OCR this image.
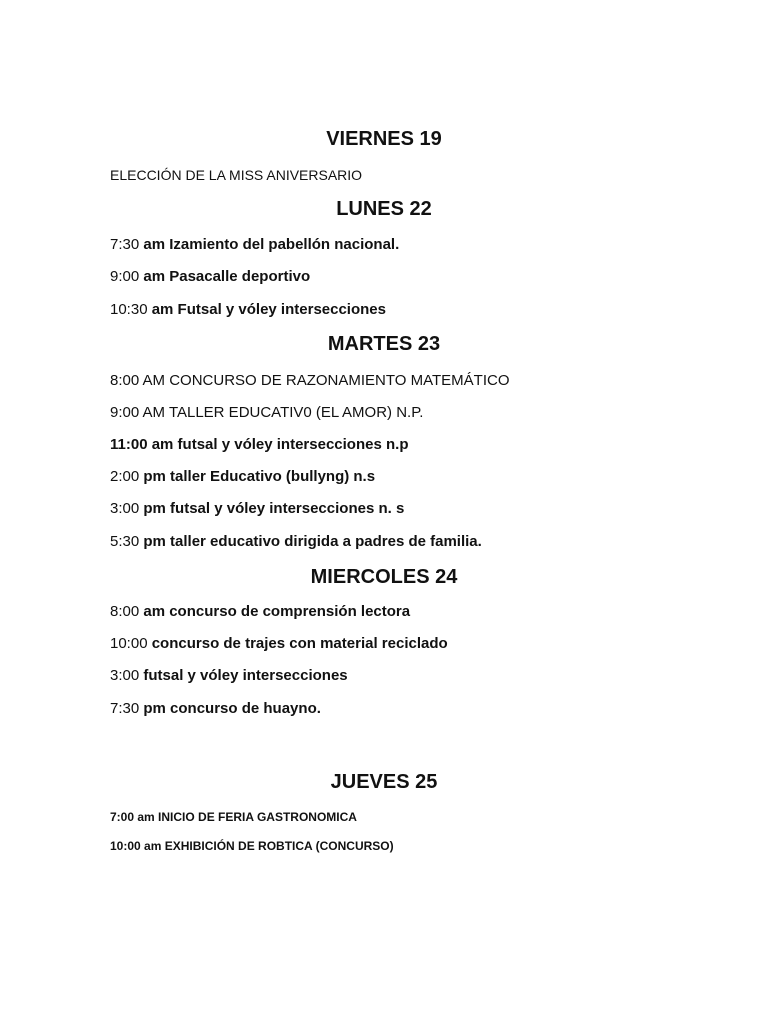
VIERNES 19

ELECCIÓN DE LA MISS ANIVERSARIO

LUNES 22

7:30 am Izamiento del pabellón nacional.

9:00 am Pasacalle deportivo

10:30 am Futsal y vóley intersecciones

MARTES 23

8:00 AM CONCURSO DE RAZONAMIENTO MATEMÁTICO

9:00 AM TALLER EDUCATIV0 (EL AMOR) N.P.

11:00 am futsal y vóley intersecciones n.p

2:00 pm taller Educativo (bullyng) n.s

3:00 pm futsal y vóley intersecciones n. s

5:30 pm taller educativo dirigida a padres de familia.

MIERCOLES 24

8:00 am concurso de comprensión lectora

10:00 concurso de trajes con material reciclado

3:00 futsal y vóley intersecciones

7:30 pm concurso de huayno.

JUEVES 25

7:00 am INICIO DE FERIA GASTRONOMICA

10:00 am EXHIBICIÓN DE ROBTICA (CONCURSO)
